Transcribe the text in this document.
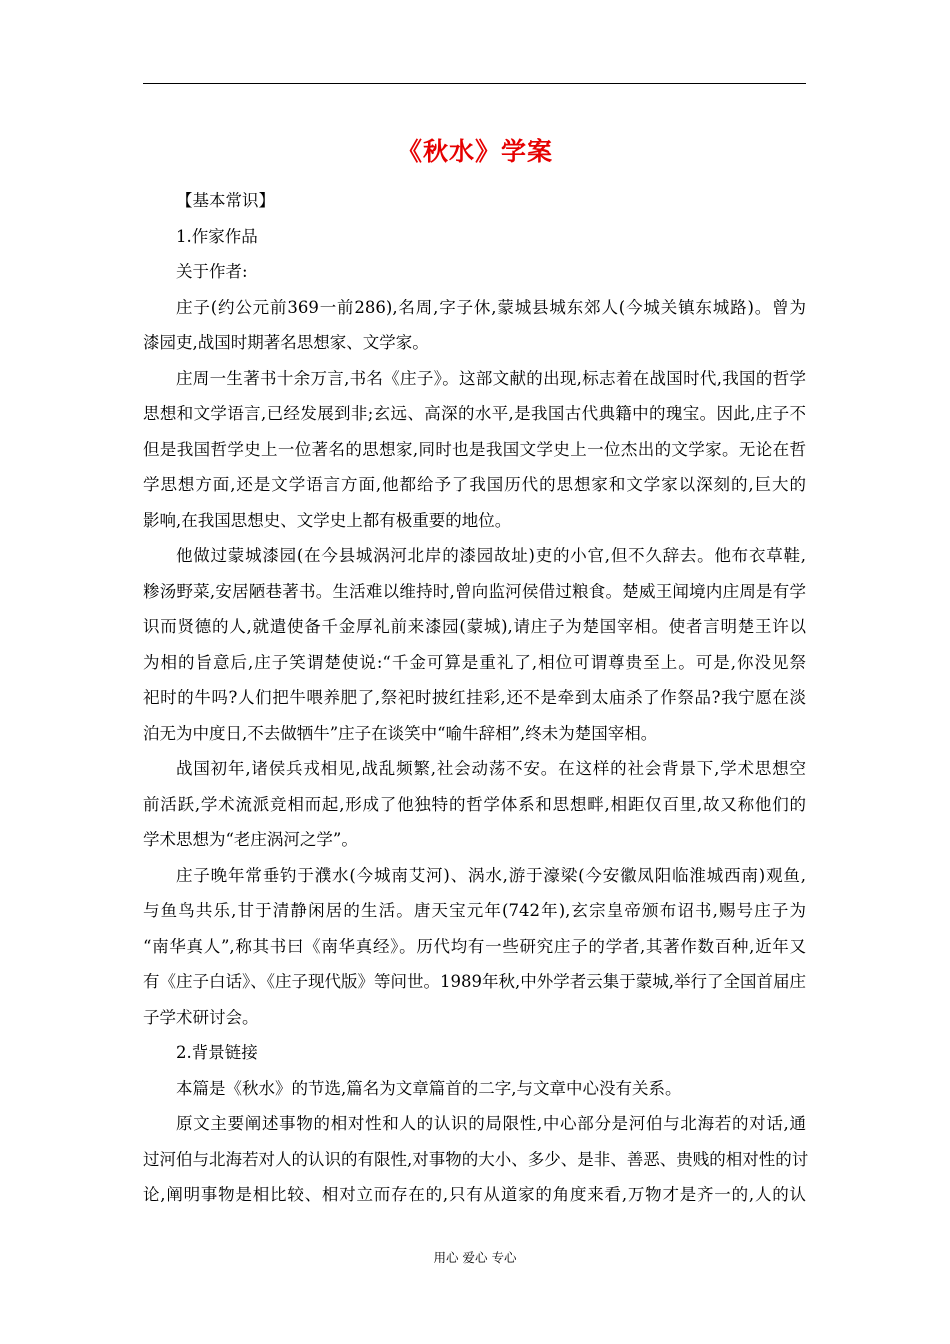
《秋水》学案
【基本常识】
1.作家作品
关于作者:
庄子(约公元前369一前286),名周,字子休,蒙城县城东郊人(今城关镇东城路)。曾为
漆园吏,战国时期著名思想家、文学家。
庄周一生著书十余万言,书名《庄子》。这部文献的出现,标志着在战国时代,我国的哲学
思想和文学语言,已经发展到非;玄远、高深的水平,是我国古代典籍中的瑰宝。因此,庄子不
但是我国哲学史上一位著名的思想家,同时也是我国文学史上一位杰出的文学家。无论在哲
学思想方面,还是文学语言方面,他都给予了我国历代的思想家和文学家以深刻的,巨大的
影响,在我国思想史、文学史上都有极重要的地位。
他做过蒙城漆园(在今县城涡河北岸的漆园故址)吏的小官,但不久辞去。他布衣草鞋,
糁汤野菜,安居陋巷著书。生活难以维持时,曾向监河侯借过粮食。楚威王闻境内庄周是有学
识而贤德的人,就遣使备千金厚礼前来漆园(蒙城),请庄子为楚国宰相。使者言明楚王许以
为相的旨意后,庄子笑谓楚使说:“千金可算是重礼了,相位可谓尊贵至上。可是,你没见祭
祀时的牛吗?人们把牛喂养肥了,祭祀时披红挂彩,还不是牵到太庙杀了作祭品?我宁愿在淡
泊无为中度日,不去做牺牛”庄子在谈笑中“喻牛辞相”,终未为楚国宰相。
战国初年,诸侯兵戎相见,战乱频繁,社会动荡不安。在这样的社会背景下,学术思想空
前活跃,学术流派竞相而起,形成了他独特的哲学体系和思想畔,相距仅百里,故又称他们的
学术思想为“老庄涡河之学”。
庄子晚年常垂钓于濮水(今城南艾河)、涡水,游于濠梁(今安徽凤阳临淮城西南)观鱼,
与鱼鸟共乐,甘于清静闲居的生活。唐天宝元年(742年),玄宗皇帝颁布诏书,赐号庄子为
“南华真人”,称其书曰《南华真经》。历代均有一些研究庄子的学者,其著作数百种,近年又
有《庄子白话》、《庄子现代版》等问世。1989年秋,中外学者云集于蒙城,举行了全国首届庄
子学术研讨会。
2.背景链接
本篇是《秋水》的节选,篇名为文章篇首的二字,与文章中心没有关系。
原文主要阐述事物的相对性和人的认识的局限性,中心部分是河伯与北海若的对话,通
过河伯与北海若对人的认识的有限性,对事物的大小、多少、是非、善恶、贵贱的相对性的讨
论,阐明事物是相比较、相对立而存在的,只有从道家的角度来看,万物才是齐一的,人的认
用心 爱心 专心
